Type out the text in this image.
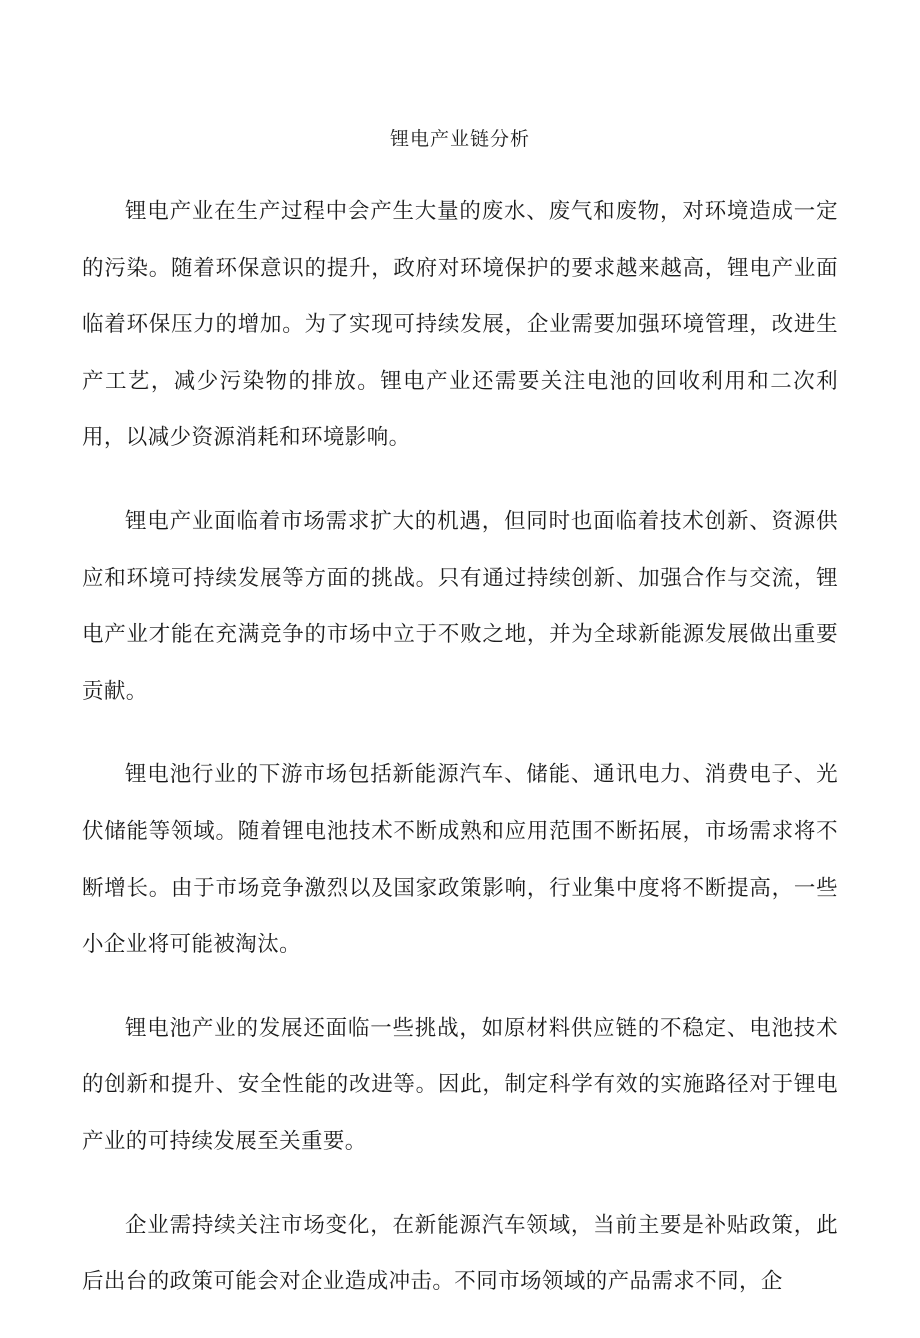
锂电产业链分析

锂电产业在生产过程中会产生大量的废水、废气和废物，对环境造成一定的污染。随着环保意识的提升，政府对环境保护的要求越来越高，锂电产业面临着环保压力的增加。为了实现可持续发展，企业需要加强环境管理，改进生产工艺，减少污染物的排放。锂电产业还需要关注电池的回收利用和二次利用，以减少资源消耗和环境影响。

锂电产业面临着市场需求扩大的机遇，但同时也面临着技术创新、资源供应和环境可持续发展等方面的挑战。只有通过持续创新、加强合作与交流，锂电产业才能在充满竞争的市场中立于不败之地，并为全球新能源发展做出重要贡献。

锂电池行业的下游市场包括新能源汽车、储能、通讯电力、消费电子、光伏储能等领域。随着锂电池技术不断成熟和应用范围不断拓展，市场需求将不断增长。由于市场竞争激烈以及国家政策影响，行业集中度将不断提高，一些小企业将可能被淘汰。

锂电池产业的发展还面临一些挑战，如原材料供应链的不稳定、电池技术的创新和提升、安全性能的改进等。因此，制定科学有效的实施路径对于锂电产业的可持续发展至关重要。

企业需持续关注市场变化，在新能源汽车领域，当前主要是补贴政策，此后出台的政策可能会对企业造成冲击。不同市场领域的产品需求不同，企
